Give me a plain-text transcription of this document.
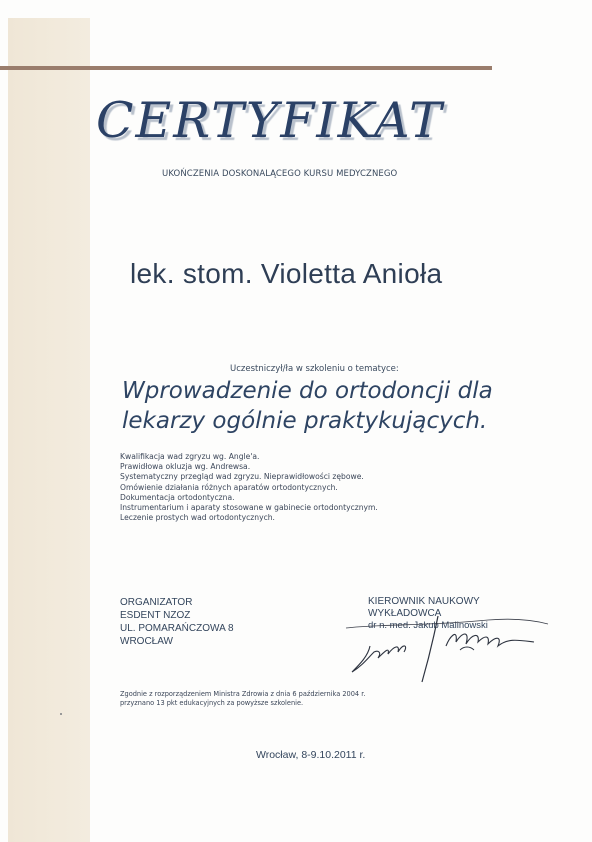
CERTYFIKAT
UKOŃCZENIA DOSKONALĄCEGO KURSU MEDYCZNEGO
lek. stom. Violetta Anioła
Uczestniczył/ła w szkoleniu o tematyce:
Wprowadzenie do ortodoncji dla
lekarzy ogólnie praktykujących.
Kwalifikacja wad zgryzu wg. Angle'a.
Prawidłowa okluzja wg. Andrewsa.
Systematyczny przegląd wad zgryzu. Nieprawidłowości zębowe.
Omówienie działania różnych aparatów ortodontycznych.
Dokumentacja ortodontyczna.
Instrumentarium i aparaty stosowane w gabinecie ortodontycznym.
Leczenie prostych wad ortodontycznych.
ORGANIZATOR
ESDENT NZOZ
UL. POMARAŃCZOWA 8
WROCŁAW
KIEROWNIK NAUKOWY
WYKŁADOWCA
dr n. med. Jakub Malinowski
Zgodnie z rozporządzeniem Ministra Zdrowia z dnia 6 października 2004 r.
przyznano 13 pkt edukacyjnych za powyższe szkolenie.
Wrocław, 8-9.10.2011 r.
